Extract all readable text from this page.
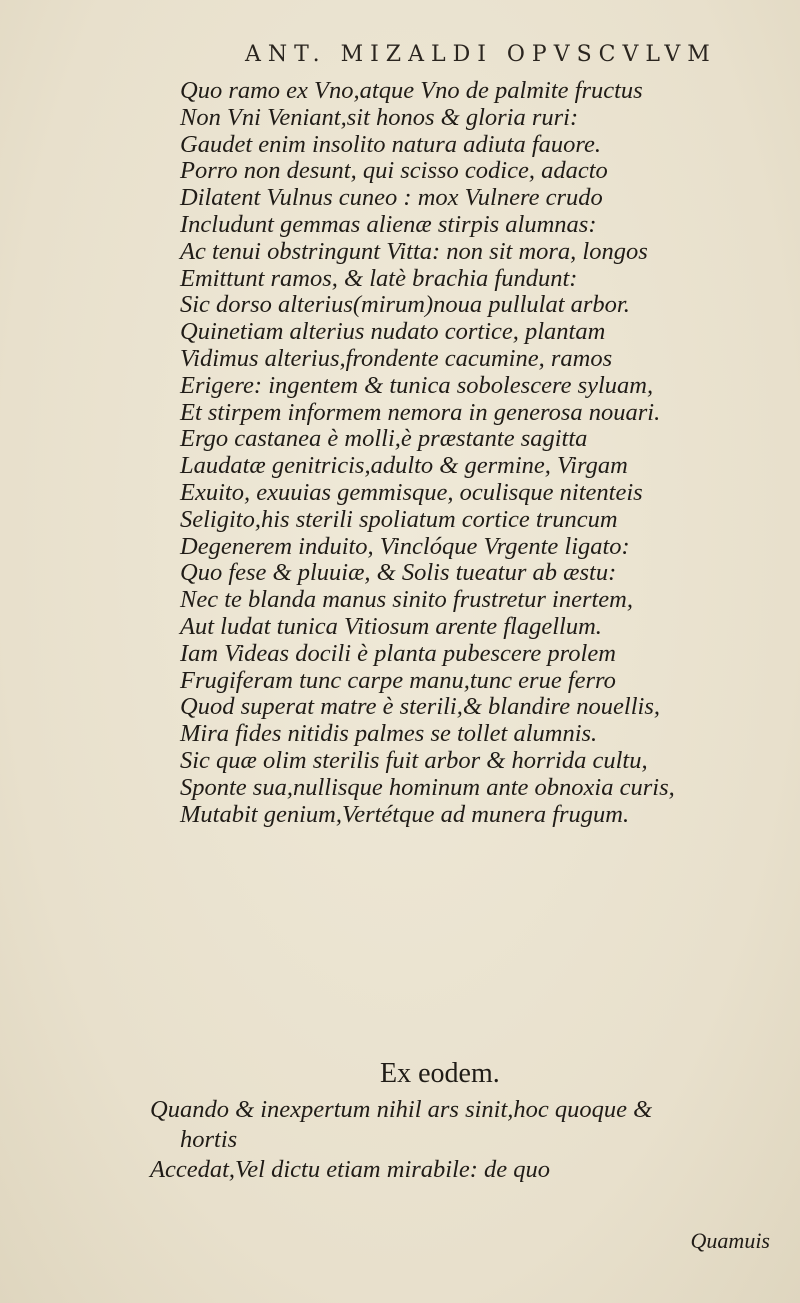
ANT. MIZALDI OPVSCVLVM
Quo ramo ex Vno,atque Vno de palmite fructus
Non Vni Veniant,sit honos & gloria ruri:
Gaudet enim insolito natura adiuta fauore.
Porro non desunt, qui scisso codice, adacto
Dilatent Vulnus cuneo : mox Vulnere crudo
Includunt gemmas alienæ stirpis alumnas:
Ac tenui obstringunt Vitta: non sit mora, longos
Emittunt ramos, & latè brachia fundunt:
Sic dorso alterius(mirum)noua pullulat arbor.
Quinetiam alterius nudato cortice, plantam
Vidimus alterius,frondente cacumine, ramos
Erigere: ingentem & tunica sobolescere syluam,
Et stirpem informem nemora in generosa nouari.
Ergo castanea è molli,è præstante sagitta
Laudatæ genitricis,adulto & germine, Virgam
Exuito, exuuias gemmisque, oculisque nitenteis
Seligito,his sterili spoliatum cortice truncum
Degenerem induito, Vinclóque Vrgente ligato:
Quo fese & pluuiæ, & Solis tueatur ab æstu:
Nec te blanda manus sinito frustretur inertem,
Aut ludat tunica Vitiosum arente flagellum.
Iam Videas docili è planta pubescere prolem
Frugiferam tunc carpe manu,tunc erue ferro
Quod superat matre è sterili,& blandire nouellis,
Mira fides nitidis palmes se tollet alumnis.
Sic quæ olim sterilis fuit arbor & horrida cultu,
Sponte sua,nullisque hominum ante obnoxia curis,
Mutabit genium,Vertétque ad munera frugum.
Ex eodem.
Quando & inexpertum nihil ars sinit,hoc quoque &
hortis
Accedat,Vel dictu etiam mirabile: de quo
Quamuis
